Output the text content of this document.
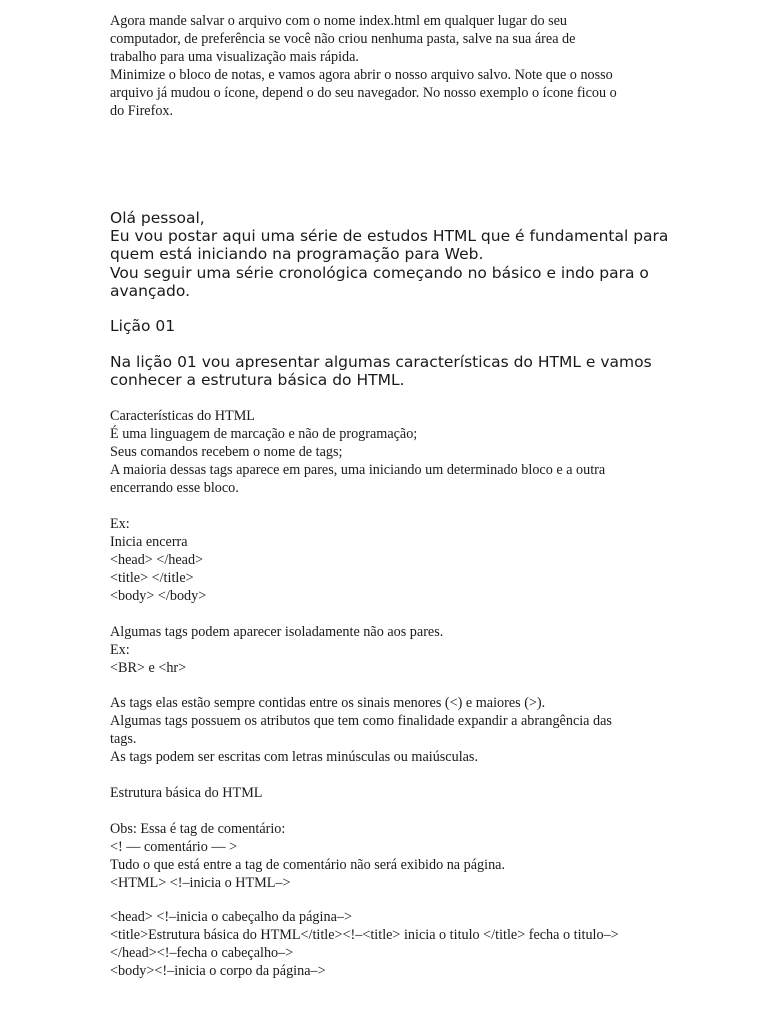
Agora mande salvar o arquivo com o nome index.html em qualquer lugar do seu
computador, de preferência se você não criou nenhuma pasta, salve na sua área de
trabalho para uma visualização mais rápida.
Minimize o bloco de notas, e vamos agora abrir o nosso arquivo salvo. Note que o nosso
arquivo já mudou o ícone, depend o do seu navegador. No nosso exemplo o ícone ficou o
do Firefox.
Olá pessoal,
Eu vou postar aqui uma série de estudos HTML que é fundamental para
quem está iniciando na programação para Web.
Vou seguir uma série cronológica começando no básico e indo para o
avançado.
Lição 01
Na lição 01 vou apresentar algumas características do HTML e vamos
conhecer a estrutura básica do HTML.
Características do HTML
É uma linguagem de marcação e não de programação;
Seus comandos recebem o nome de tags;
A maioria dessas tags aparece em pares, uma iniciando um determinado bloco e a outra
encerrando esse bloco.
Ex:
Inicia encerra
<head> </head>
<title> </title>
<body> </body>
Algumas tags podem aparecer isoladamente não aos pares.
Ex:
<BR> e <hr>
As tags elas estão sempre contidas entre os sinais menores (<) e maiores (>).
Algumas tags possuem os atributos que tem como finalidade expandir a abrangência das
tags.
As tags podem ser escritas com letras minúsculas ou maiúsculas.
Estrutura básica do HTML
Obs: Essa é tag de comentário:
<! — comentário — >
Tudo o que está entre a tag de comentário não será exibido na página.
<HTML> <!–inicia o HTML–>
<head> <!–inicia o cabeçalho da página–>
<title>Estrutura básica do HTML</title><!–<title> inicia o titulo </title> fecha o titulo–>
</head><!–fecha o cabeçalho–>
<body><!–inicia o corpo da página–>
